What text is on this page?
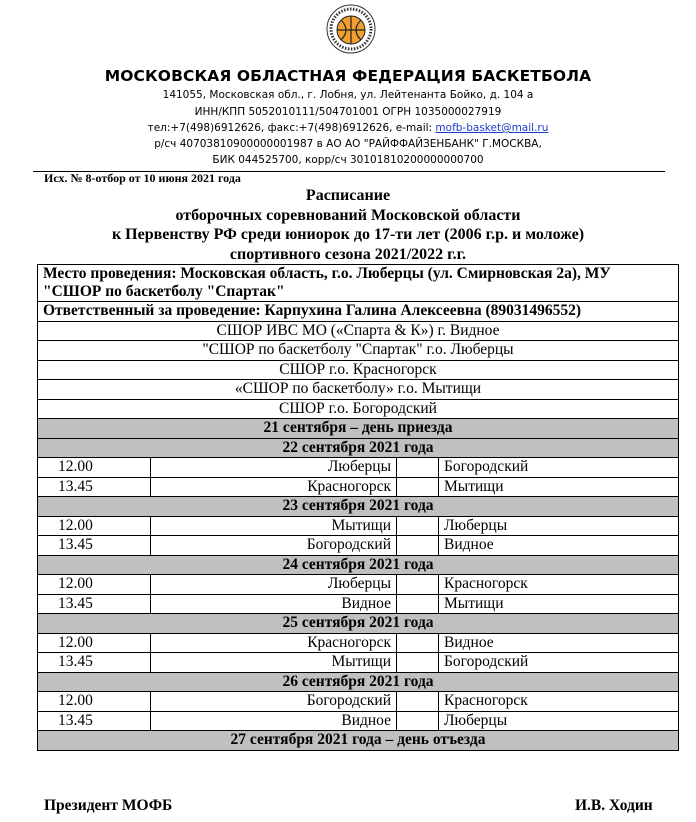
МОСКОВСКАЯ ОБЛАСТНАЯ ФЕДЕРАЦИЯ БАСКЕТБОЛА
141055, Московская обл., г. Лобня, ул. Лейтенанта Бойко, д. 104 а
ИНН/КПП 5052010111/504701001 ОГРН 1035000027919
тел:+7(498)6912626, факс:+7(498)6912626, e-mail: mofb-basket@mail.ru
р/сч 40703810900000001987 в АО АО "РАЙФФАЙЗЕНБАНК" Г.МОСКВА,
БИК 044525700, корр/сч 30101810200000000700
Исх. № 8-отбор от 10 июня 2021 года
Расписание
отборочных соревнований Московской области
к Первенству РФ среди юниорок до 17-ти лет (2006 г.р. и моложе)
спортивного сезона 2021/2022 г.г.
Место проведения: Московская область, г.о. Люберцы (ул. Смирновская 2а), МУ
"СШОР по баскетболу "Спартак"			

Ответственный за проведение: Карпухина Галина Алексеевна (89031496552)			
СШОР ИВС МО («Спарта & К») г. Видное			
"СШОР по баскетболу "Спартак" г.о. Люберцы			
СШОР г.о. Красногорск			
«СШОР по баскетболу» г.о. Мытищи			
СШОР г.о. Богородский			
21 сентября – день приезда			
22 сентября 2021 года			
12.00	Люберцы		Богородский
13.45	Красногорск		Мытищи
23 сентября 2021 года			
12.00	Мытищи		Люберцы
13.45	Богородский		Видное
24 сентября 2021 года			
12.00	Люберцы		Красногорск
13.45	Видное		Мытищи
25 сентября 2021 года			
12.00	Красногорск		Видное
13.45	Мытищи		Богородский
26 сентября 2021 года			
12.00	Богородский		Красногорск
13.45	Видное		Люберцы
27 сентября 2021 года – день отъезда			
Президент МОФБ	И.В. Ходин
